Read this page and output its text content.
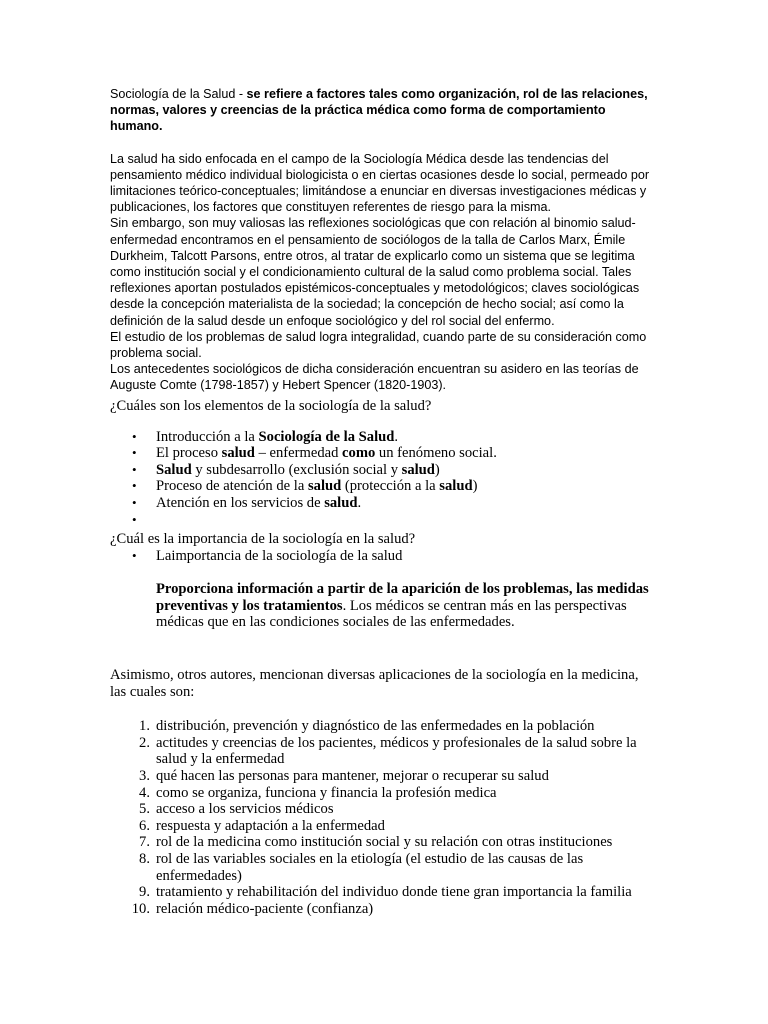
Sociología de la Salud - se refiere a factores tales como organización, rol de las relaciones, normas, valores y creencias de la práctica médica como forma de comportamiento humano.

La salud ha sido enfocada en el campo de la Sociología Médica desde las tendencias del pensamiento médico individual biologicista o en ciertas ocasiones desde lo social, permeado por limitaciones teórico-conceptuales; limitándose a enunciar en diversas investigaciones médicas y publicaciones, los factores que constituyen referentes de riesgo para la misma.

Sin embargo, son muy valiosas las reflexiones sociológicas que con relación al binomio salud-enfermedad encontramos en el pensamiento de sociólogos de la talla de Carlos Marx, Émile Durkheim, Talcott Parsons, entre otros, al tratar de explicarlo como un sistema que se legitima como institución social y el condicionamiento cultural de la salud como problema social. Tales reflexiones aportan postulados epistémicos-conceptuales y metodológicos; claves sociológicas desde la concepción materialista de la sociedad; la concepción de hecho social; así como la definición de la salud desde un enfoque sociológico y del rol social del enfermo.

El estudio de los problemas de salud logra integralidad, cuando parte de su consideración como problema social.

Los antecedentes sociológicos de dicha consideración encuentran su asidero en las teorías de Auguste Comte (1798-1857) y Hebert Spencer (1820-1903).

¿Cuáles son los elementos de la sociología de la salud?

• Introducción a la Sociología de la Salud.
• El proceso salud – enfermedad como un fenómeno social.
• Salud y subdesarrollo (exclusión social y salud)
• Proceso de atención de la salud (protección a la salud)
• Atención en los servicios de salud.
•

¿Cuál es la importancia de la sociología en la salud?

• Laimportancia de la sociología de la salud

Proporciona información a partir de la aparición de los problemas, las medidas preventivas y los tratamientos. Los médicos se centran más en las perspectivas médicas que en las condiciones sociales de las enfermedades.

Asimismo, otros autores, mencionan diversas aplicaciones de la sociología en la medicina, las cuales son:

1. distribución, prevención y diagnóstico de las enfermedades en la población
2. actitudes y creencias de los pacientes, médicos y profesionales de la salud sobre la salud y la enfermedad
3. qué hacen las personas para mantener, mejorar o recuperar su salud
4. como se organiza, funciona y financia la profesión medica
5. acceso a los servicios médicos
6. respuesta y adaptación a la enfermedad
7. rol de la medicina como institución social y su relación con otras instituciones
8. rol de las variables sociales en la etiología (el estudio de las causas de las enfermedades)
9. tratamiento y rehabilitación del individuo donde tiene gran importancia la familia
10. relación médico-paciente (confianza)
